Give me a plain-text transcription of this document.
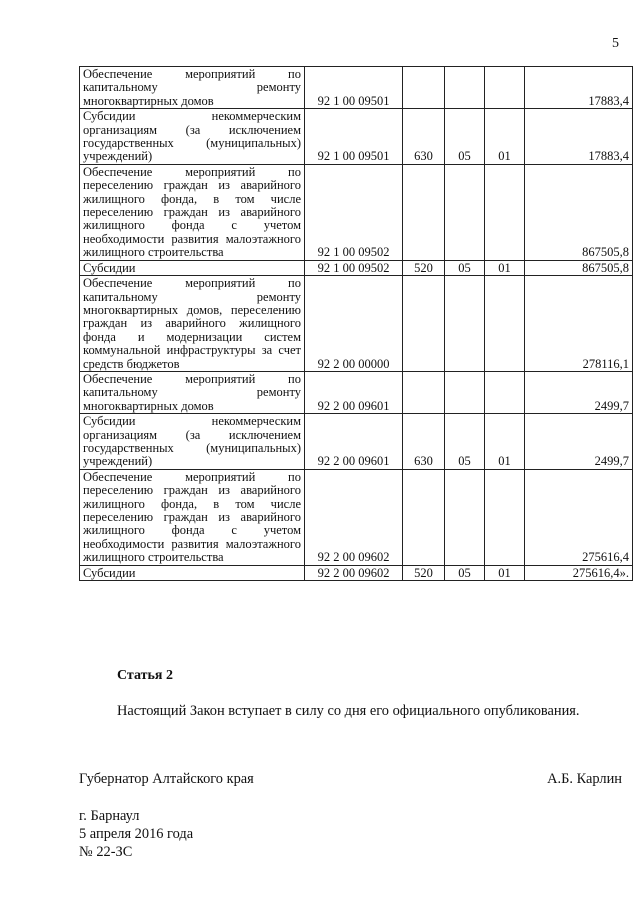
5
Обеспечение мероприятий по капитальному ремонту многоквартирных домов	92 1 00 09501				17883,4
Субсидии некоммерческим организациям (за исключением государственных (муниципальных) учреждений)	92 1 00 09501	630	05	01	17883,4
Обеспечение мероприятий по переселению граждан из аварийного жилищного фонда, в том числе переселению граждан из аварийного жилищного фонда с учетом необходимости развития малоэтажного жилищного строительства	92 1 00 09502				867505,8
Субсидии	92 1 00 09502	520	05	01	867505,8
Обеспечение мероприятий по капитальному ремонту многоквартирных домов, переселению граждан из аварийного жилищного фонда и модернизации систем коммунальной инфраструктуры за счет средств бюджетов	92 2 00 00000				278116,1
Обеспечение мероприятий по капитальному ремонту многоквартирных домов	92 2 00 09601				2499,7
Субсидии некоммерческим организациям (за исключением государственных (муниципальных) учреждений)	92 2 00 09601	630	05	01	2499,7
Обеспечение мероприятий по переселению граждан из аварийного жилищного фонда, в том числе переселению граждан из аварийного жилищного фонда с учетом необходимости развития малоэтажного жилищного строительства	92 2 00 09602				275616,4
Субсидии	92 2 00 09602	520	05	01	275616,4».
Статья 2
Настоящий Закон вступает в силу со дня его официального опубликования.
Губернатор Алтайского края	А.Б. Карлин
г. Барнаул
5 апреля 2016 года
№ 22-ЗС
